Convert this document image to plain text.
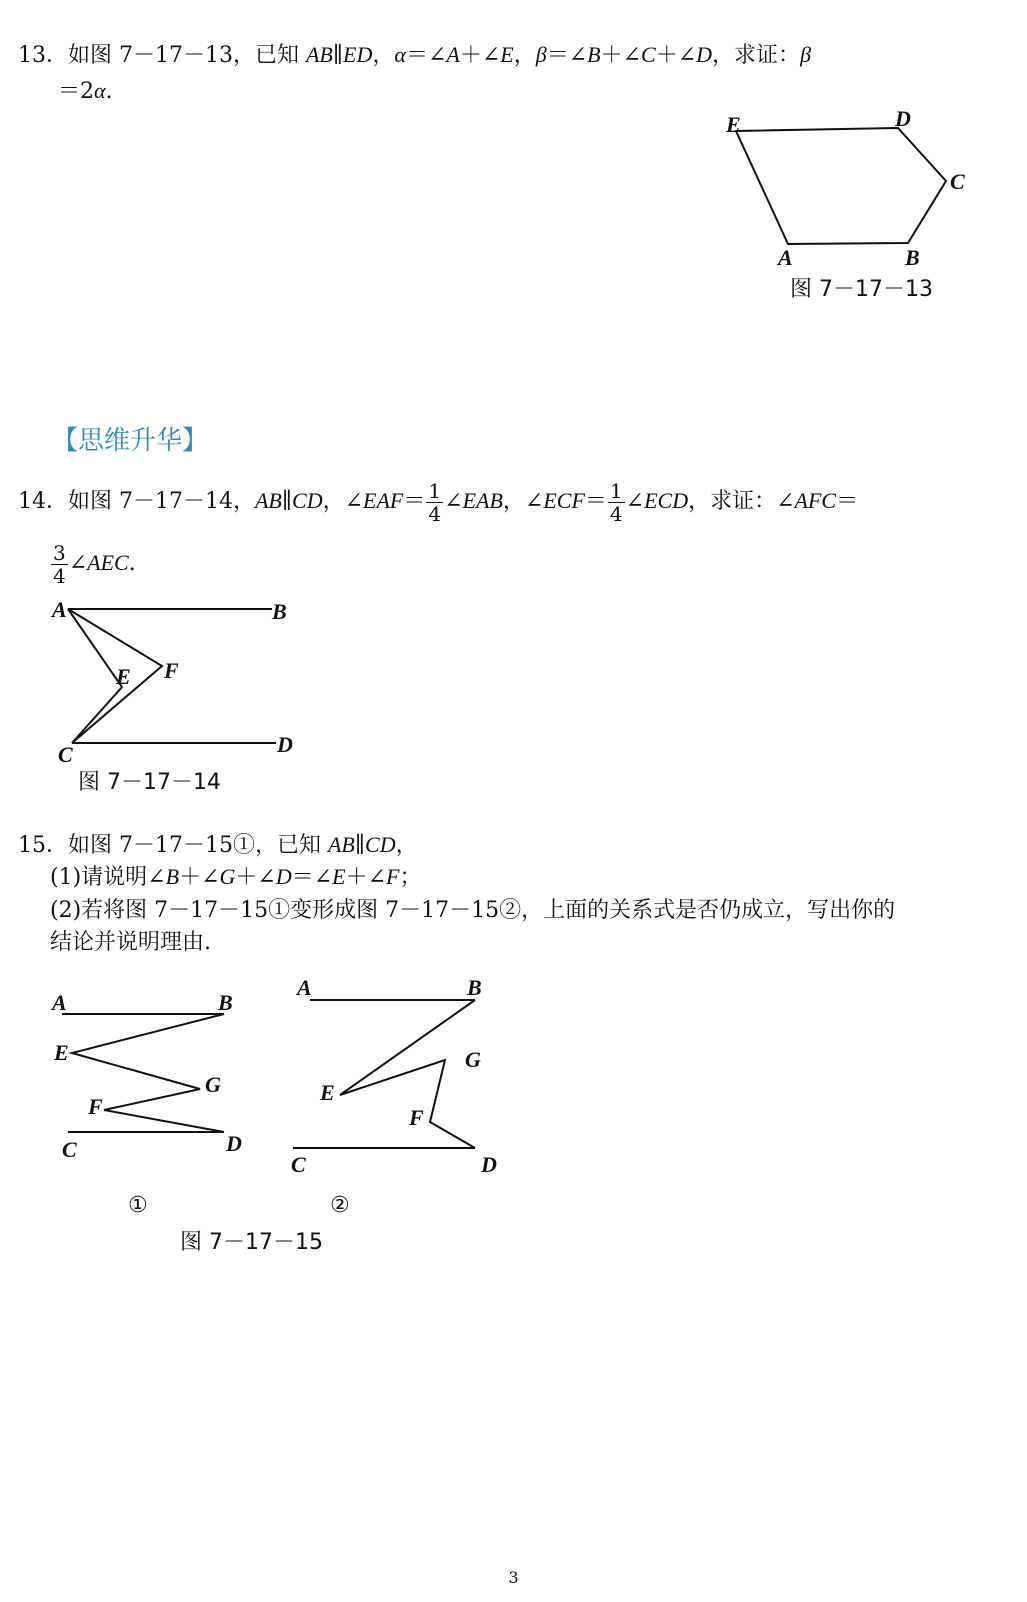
13．如图 7－17－13，已知 AB∥ED，α＝∠A＋∠E，β＝∠B＋∠C＋∠D，求证：β
＝2α.
E	D
C
A	B
图 7－17－13
【思维升华】
14．如图 7－17－14，AB∥CD，∠EAF＝ $\frac{1}{4}$ ∠EAB，∠ECF＝ $\frac{1}{4}$ ∠ECD，求证：∠AFC＝
$\frac{3}{4}$ ∠AEC.
A	B
E F
C	D
图 7－17－14
15．如图 7－17－15①，已知 AB∥CD，
(1)请说明∠B＋∠G＋∠D＝∠E＋∠F；
(2)若将图 7－17－15①变形成图 7－17－15②，上面的关系式是否仍成立，写出你的
结论并说明理由.
A	B
E
G
F
C	D
A	B
G
E
F
C	D
①	②
图 7－17－15
3
